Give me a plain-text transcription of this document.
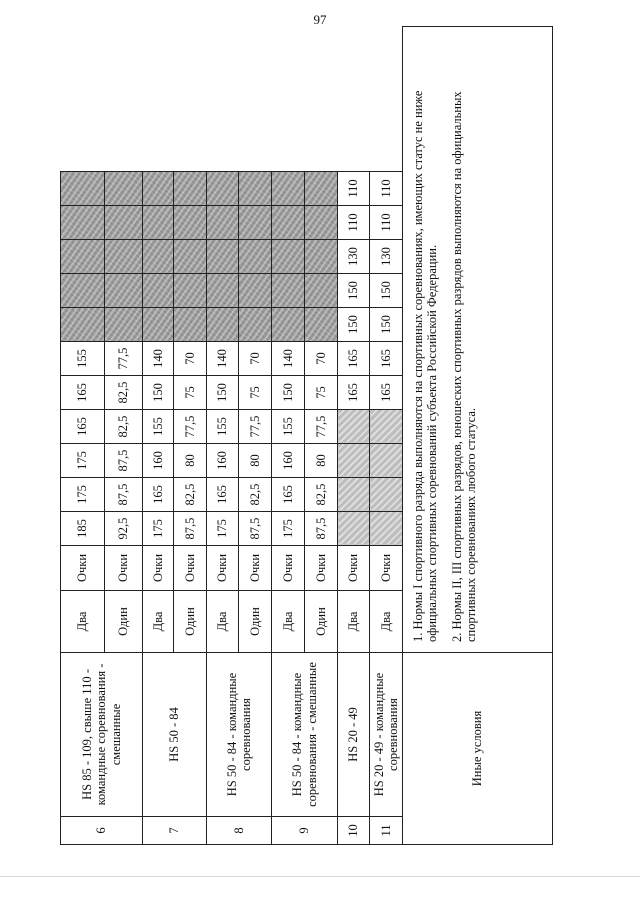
97
6	HS 85 - 109, свыше 110 - командные соревнования - смешанные	Два	Очки	185	175	175	165	165	155					
		Один	Очки	92,5	87,5	87,5	82,5	82,5	77,5					
7	HS 50 - 84	Два	Очки	175	165	160	155	150	140					
		Один	Очки	87,5	82,5	80	77,5	75	70					
8	HS 50 - 84 - командные соревнования	Два	Очки	175	165	160	155	150	140					
		Один	Очки	87,5	82,5	80	77,5	75	70					
9	HS 50 - 84 - командные соревнования - смешанные	Два	Очки	175	165	160	155	150	140					
		Один	Очки	87,5	82,5	80	77,5	75	70					
10	HS 20 - 49	Два	Очки					165	165	150	150	130	110	110
11	HS 20 - 49 - командные соревнования	Два	Очки					165	165	150	150	130	110	110
Иные условия		1. Нормы I спортивного разряда выполняются на спортивных соревнованиях, имеющих статус не ниже официальных спортивных соревнований субъекта Российской Федерации. 2. Нормы II, III спортивных разрядов, юношеских спортивных разрядов выполняются на официальных спортивных соревнованиях любого статуса.												
